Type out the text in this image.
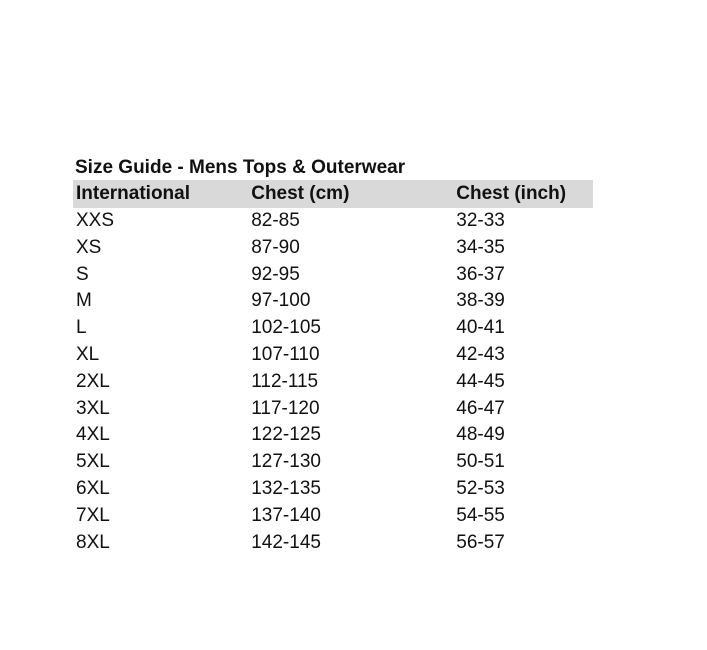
Size Guide - Mens Tops & Outerwear
International	Chest (cm)	Chest (inch)
XXS	82-85	32-33
XS	87-90	34-35
S	92-95	36-37
M	97-100	38-39
L	102-105	40-41
XL	107-110	42-43
2XL	112-115	44-45
3XL	117-120	46-47
4XL	122-125	48-49
5XL	127-130	50-51
6XL	132-135	52-53
7XL	137-140	54-55
8XL	142-145	56-57
